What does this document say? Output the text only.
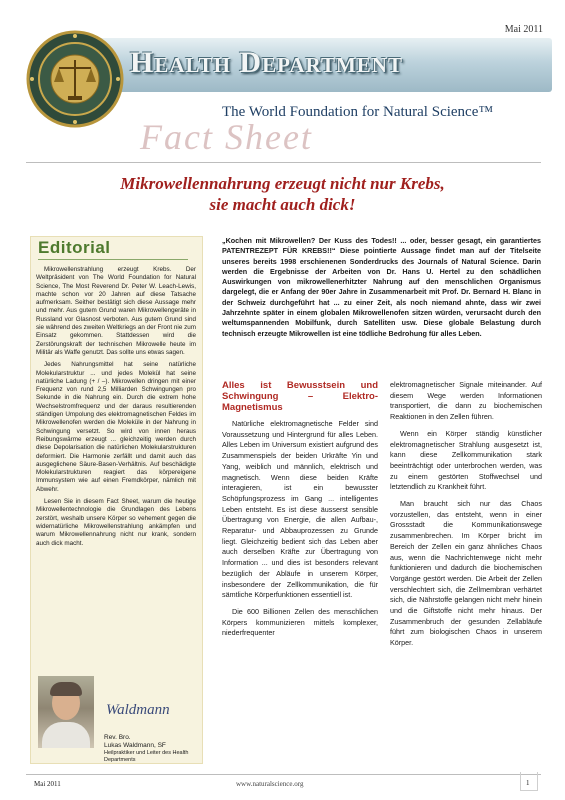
Mai 2011
Health Department
The World Foundation for Natural Science™
Fact Sheet
Mikrowellennahrung erzeugt nicht nur Krebs,
sie macht auch dick!
Editorial

Mikrowellenstrahlung erzeugt Krebs. Der Weltpräsident von The World Foundation for Natural Science, The Most Reverend Dr. Peter W. Leach-Lewis, machte schon vor 20 Jahren auf diese Tatsache aufmerksam. Seither bestätigt sich diese Aussage mehr und mehr. Aus gutem Grund waren Mikrowellengeräte in Russland vor Glasnost verboten. Aus gutem Grund sind sie während des zweiten Weltkriegs an der Front nie zum Einsatz gekommen. Stattdessen wird die Zerstörungskraft der technischen Mikrowelle heute im Militär als Waffe genutzt. Das sollte uns etwas sagen.

Jedes Nahrungsmittel hat seine natürliche Molekularstruktur ... und jedes Molekül hat seine natürliche Ladung (+ / –). Mikrowellen dringen mit einer Frequenz von rund 2,5 Milliarden Schwingungen pro Sekunde in die Nahrung ein. Durch die extrem hohe Wechselstromfrequenz und der daraus resultierenden ständigen Umpolung des elektromagnetischen Feldes im Mikrowellenofen werden die Moleküle in der Nahrung in Schwingung versetzt. So wird von innen heraus Reibungswärme erzeugt ... gleichzeitig werden durch diese Depolarisation die natürlichen Molekularstrukturen deformiert. Die Harmonie zerfällt und damit auch das ausgeglichene Säure-Basen-Verhältnis. Auf beschädigte Molekularstrukturen reagiert das körpereigene Immunsystem wie auf einen Fremdkörper, nämlich mit Abwehr.

Lesen Sie in diesem Fact Sheet, warum die heutige Mikrowellentechnologie die Grundlagen des Lebens zerstört, weshalb unsere Körper so vehement gegen die widernatürliche Mikrowellenstrahlung ankämpfen und warum Mikrowellennahrung nicht nur krank, sondern auch dick macht.

Waldmann
Rev. Bro.
Lukas Waldmann, SF
Heilpraktiker und Leiter des Health Departments
„Kochen mit Mikrowellen? Der Kuss des Todes!! ... oder, besser gesagt, ein garantiertes PATENTREZEPT FÜR KREBS!!“ Diese pointierte Aussage findet man auf der Titelseite unseres bereits 1998 erschienenen Sonderdrucks des Journals of Natural Science. Darin werden die Ergebnisse der Arbeiten von Dr. Hans U. Hertel zu den schädlichen Auswirkungen von mikrowellenerhitzter Nahrung auf den menschlichen Organismus dargelegt, die er Anfang der 90er Jahre in Zusammenarbeit mit Prof. Dr. Bernard H. Blanc in der Schweiz durchgeführt hat ... zu einer Zeit, als noch niemand ahnte, dass wir zwei Jahrzehnte später in einem globalen Mikrowellenofen sitzen würden, verursacht durch den weltumspannenden Mobilfunk, durch Satelliten usw. Diese globale Belastung durch technisch erzeugte Mikrowellen ist eine tödliche Bedrohung für alles Leben.
Alles ist Bewusstsein und Schwingung – Elektro-Magnetismus

Natürliche elektromagnetische Felder sind Voraussetzung und Hintergrund für alles Leben. Alles Leben im Universum existiert aufgrund des Zusammenspiels der beiden Urkräfte Yin und Yang, weiblich und männlich, elektrisch und magnetisch. Wenn diese beiden Kräfte interagieren, ist ein bewusster Schöpfungsprozess im Gang ... intelligentes Leben entsteht. Es ist diese äusserst sensible Übertragung von Energie, die allen Aufbau-, Reparatur- und Abbauprozessen zu Grunde liegt. Gleichzeitig bedient sich das Leben aber auch derselben Kräfte zur Übertragung von Information ... und dies ist besonders relevant bezüglich der Abläufe in unserem Körper, insbesondere der Zellkommunikation, die für sämtliche Körperfunktionen essentiell ist.

Die 600 Billionen Zellen des menschlichen Körpers kommunizieren mittels komplexer, niederfrequenter

elektromagnetischer Signale miteinander. Auf diesem Wege werden Informationen transportiert, die dann zu biochemischen Reaktionen in den Zellen führen.

Wenn ein Körper ständig künstlicher elektromagnetischer Strahlung ausgesetzt ist, kann diese Zellkommunikation stark beeinträchtigt oder unterbrochen werden, was zu einem gestörten Stoffwechsel und letztendlich zu Krankheit führt.

Man braucht sich nur das Chaos vorzustellen, das entsteht, wenn in einer Grossstadt die Kommunikationswege zusammenbrechen. Im Körper bricht im Bereich der Zellen ein ganz ähnliches Chaos aus, wenn die Nachrichtenwege nicht mehr funktionieren und dadurch die biochemischen Vorgänge gestört werden. Die Arbeit der Zellen verschlechtert sich, die Zellmembran verhärtet sich, die Nährstoffe gelangen nicht mehr hinein und die Giftstoffe nicht mehr hinaus. Der Zusammenbruch der gesunden Zellabläufe führt zum biologischen Chaos in unserem Körper.

Mai 2011	www.naturalscience.org	1
